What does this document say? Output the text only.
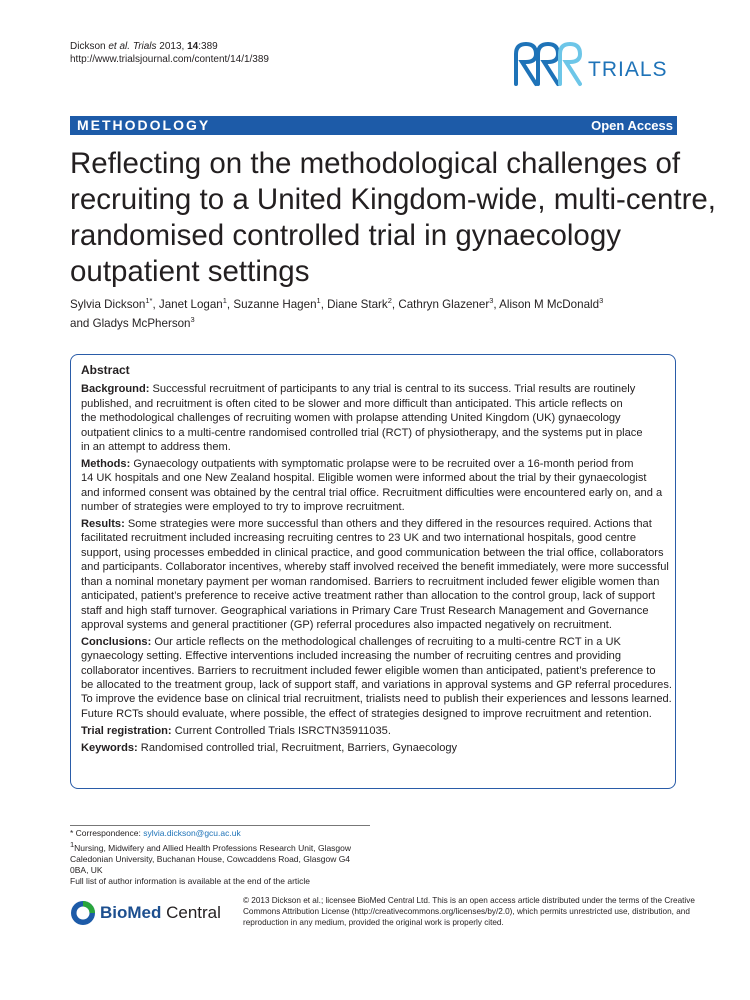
Dickson et al. Trials 2013, 14:389
http://www.trialsjournal.com/content/14/1/389	TRIALS
METHODOLOGY	Open Access
Reflecting on the methodological challenges of
recruiting to a United Kingdom-wide, multi-centre,
randomised controlled trial in gynaecology
outpatient settings
Sylvia Dickson$^{1*}$, Janet Logan$^1$, Suzanne Hagen$^1$, Diane Stark$^2$, Cathryn Glazener$^3$, Alison M McDonald$^3$
and Gladys McPherson$^3$
Abstract
Background: Successful recruitment of participants to any trial is central to its success. Trial results are routinely
published, and recruitment is often cited to be slower and more difficult than anticipated. This article reflects on
the methodological challenges of recruiting women with prolapse attending United Kingdom (UK) gynaecology
outpatient clinics to a multi-centre randomised controlled trial (RCT) of physiotherapy, and the systems put in place
in an attempt to address them.
Methods: Gynaecology outpatients with symptomatic prolapse were to be recruited over a 16-month period from
14 UK hospitals and one New Zealand hospital. Eligible women were informed about the trial by their gynaecologist
and informed consent was obtained by the central trial office. Recruitment difficulties were encountered early on, and a
number of strategies were employed to try to improve recruitment.
Results: Some strategies were more successful than others and they differed in the resources required. Actions that
facilitated recruitment included increasing recruiting centres to 23 UK and two international hospitals, good centre
support, using processes embedded in clinical practice, and good communication between the trial office, collaborators
and participants. Collaborator incentives, whereby staff involved received the benefit immediately, were more successful
than a nominal monetary payment per woman randomised. Barriers to recruitment included fewer eligible women than
anticipated, patient’s preference to receive active treatment rather than allocation to the control group, lack of support
staff and high staff turnover. Geographical variations in Primary Care Trust Research Management and Governance
approval systems and general practitioner (GP) referral procedures also impacted negatively on recruitment.
Conclusions: Our article reflects on the methodological challenges of recruiting to a multi-centre RCT in a UK
gynaecology setting. Effective interventions included increasing the number of recruiting centres and providing
collaborator incentives. Barriers to recruitment included fewer eligible women than anticipated, patient’s preference to
be allocated to the treatment group, lack of support staff, and variations in approval systems and GP referral procedures.
To improve the evidence base on clinical trial recruitment, trialists need to publish their experiences and lessons learned.
Future RCTs should evaluate, where possible, the effect of strategies designed to improve recruitment and retention.
Trial registration: Current Controlled Trials ISRCTN35911035.
Keywords: Randomised controlled trial, Recruitment, Barriers, Gynaecology
* Correspondence: sylvia.dickson@gcu.ac.uk
$^1$Nursing, Midwifery and Allied Health Professions Research Unit, Glasgow
Caledonian University, Buchanan House, Cowcaddens Road, Glasgow G4
0BA, UK
Full list of author information is available at the end of the article
BioMed Central
© 2013 Dickson et al.; licensee BioMed Central Ltd. This is an open access article distributed under the terms of the Creative
Commons Attribution License (http://creativecommons.org/licenses/by/2.0), which permits unrestricted use, distribution, and
reproduction in any medium, provided the original work is properly cited.
